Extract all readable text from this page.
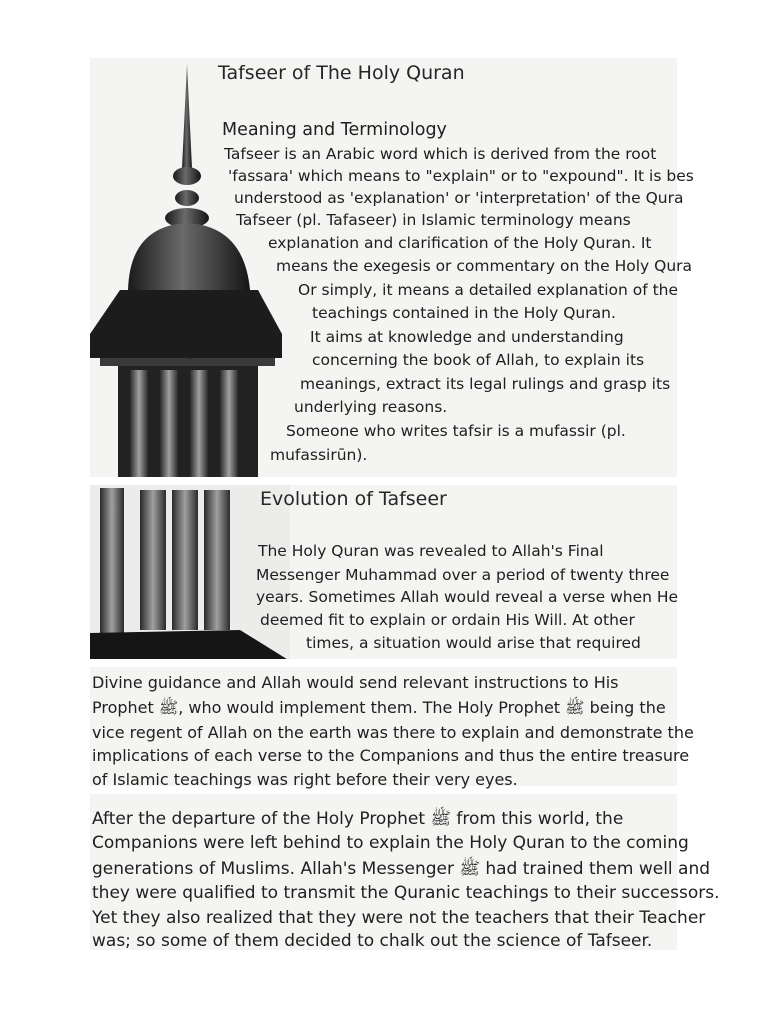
Tafseer of The Holy Quran
Meaning and Terminology
Tafseer is an Arabic word which is derived from the root
'fassara' which means to "explain" or to "expound". It is bes
understood as 'explanation' or 'interpretation' of the Qura
Tafseer (pl. Tafaseer) in Islamic terminology means
explanation and clarification of the Holy Quran. It
means the exegesis or commentary on the Holy Qura
Or simply, it means a detailed explanation of the
teachings contained in the Holy Quran.
It aims at knowledge and understanding
concerning the book of Allah, to explain its
meanings, extract its legal rulings and grasp its
underlying reasons.
Someone who writes tafsir is a mufassir (pl.
mufassirūn).
Evolution of Tafseer
The Holy Quran was revealed to Allah's Final
Messenger Muhammad over a period of twenty three
years. Sometimes Allah would reveal a verse when He
deemed fit to explain or ordain His Will. At other
times, a situation would arise that required
Divine guidance and Allah would send relevant instructions to His
Prophet ﷺ, who would implement them. The Holy Prophet ﷺ being the
vice regent of Allah on the earth was there to explain and demonstrate the
implications of each verse to the Companions and thus the entire treasure
of Islamic teachings was right before their very eyes.
After the departure of the Holy Prophet ﷺ from this world, the
Companions were left behind to explain the Holy Quran to the coming
generations of Muslims. Allah's Messenger ﷺ had trained them well and
they were qualified to transmit the Quranic teachings to their successors.
Yet they also realized that they were not the teachers that their Teacher
was; so some of them decided to chalk out the science of Tafseer.
